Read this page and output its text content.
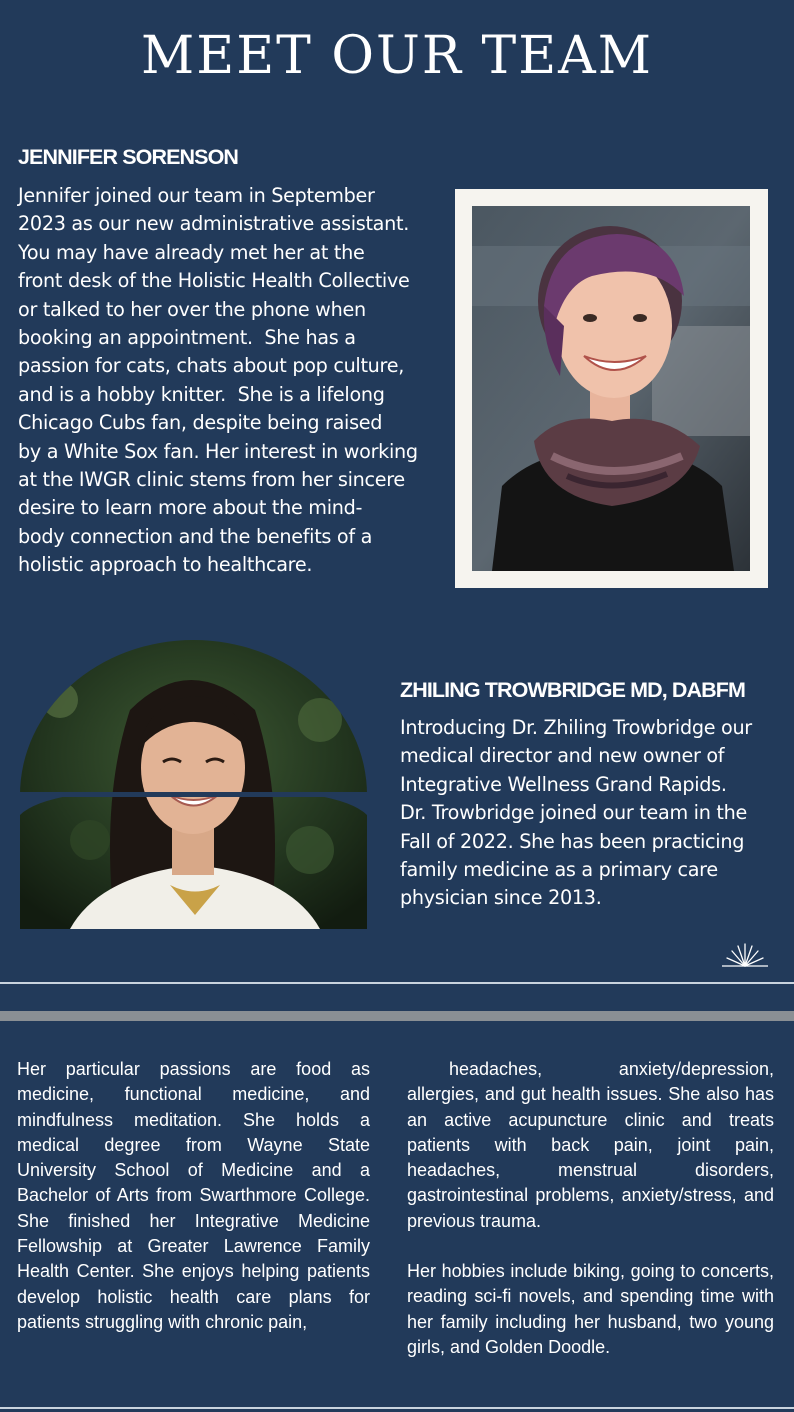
MEET OUR TEAM
JENNIFER SORENSON
Jennifer joined our team in September
2023 as our new administrative assistant.
You may have already met her at the
front desk of the Holistic Health Collective
or talked to her over the phone when
booking an appointment.  She has a
passion for cats, chats about pop culture,
and is a hobby knitter.  She is a lifelong
Chicago Cubs fan, despite being raised
by a White Sox fan. Her interest in working
at the IWGR clinic stems from her sincere
desire to learn more about the mind-
body connection and the benefits of a
holistic approach to healthcare.
ZHILING TROWBRIDGE MD, DABFM
Introducing Dr. Zhiling Trowbridge our
medical director and new owner of
Integrative Wellness Grand Rapids.
Dr. Trowbridge joined our team in the
Fall of 2022. She has been practicing
family medicine as a primary care
physician since 2013.

Her particular passions are food as medicine, functional medicine, and mindfulness meditation. She holds a medical degree from Wayne State University School of Medicine and a Bachelor of Arts from Swarthmore College. She finished her Integrative Medicine Fellowship at Greater Lawrence Family Health Center. She enjoys helping patients develop holistic health care plans for patients struggling with chronic pain,

headaches, anxiety/depression, allergies, and gut health issues. She also has an active acupuncture clinic and treats patients with back pain, joint pain, headaches, menstrual disorders, gastrointestinal problems, anxiety/stress, and previous trauma.

Her hobbies include biking, going to concerts, reading sci-fi novels, and spending time with her family including her husband, two young girls, and Golden Doodle.
